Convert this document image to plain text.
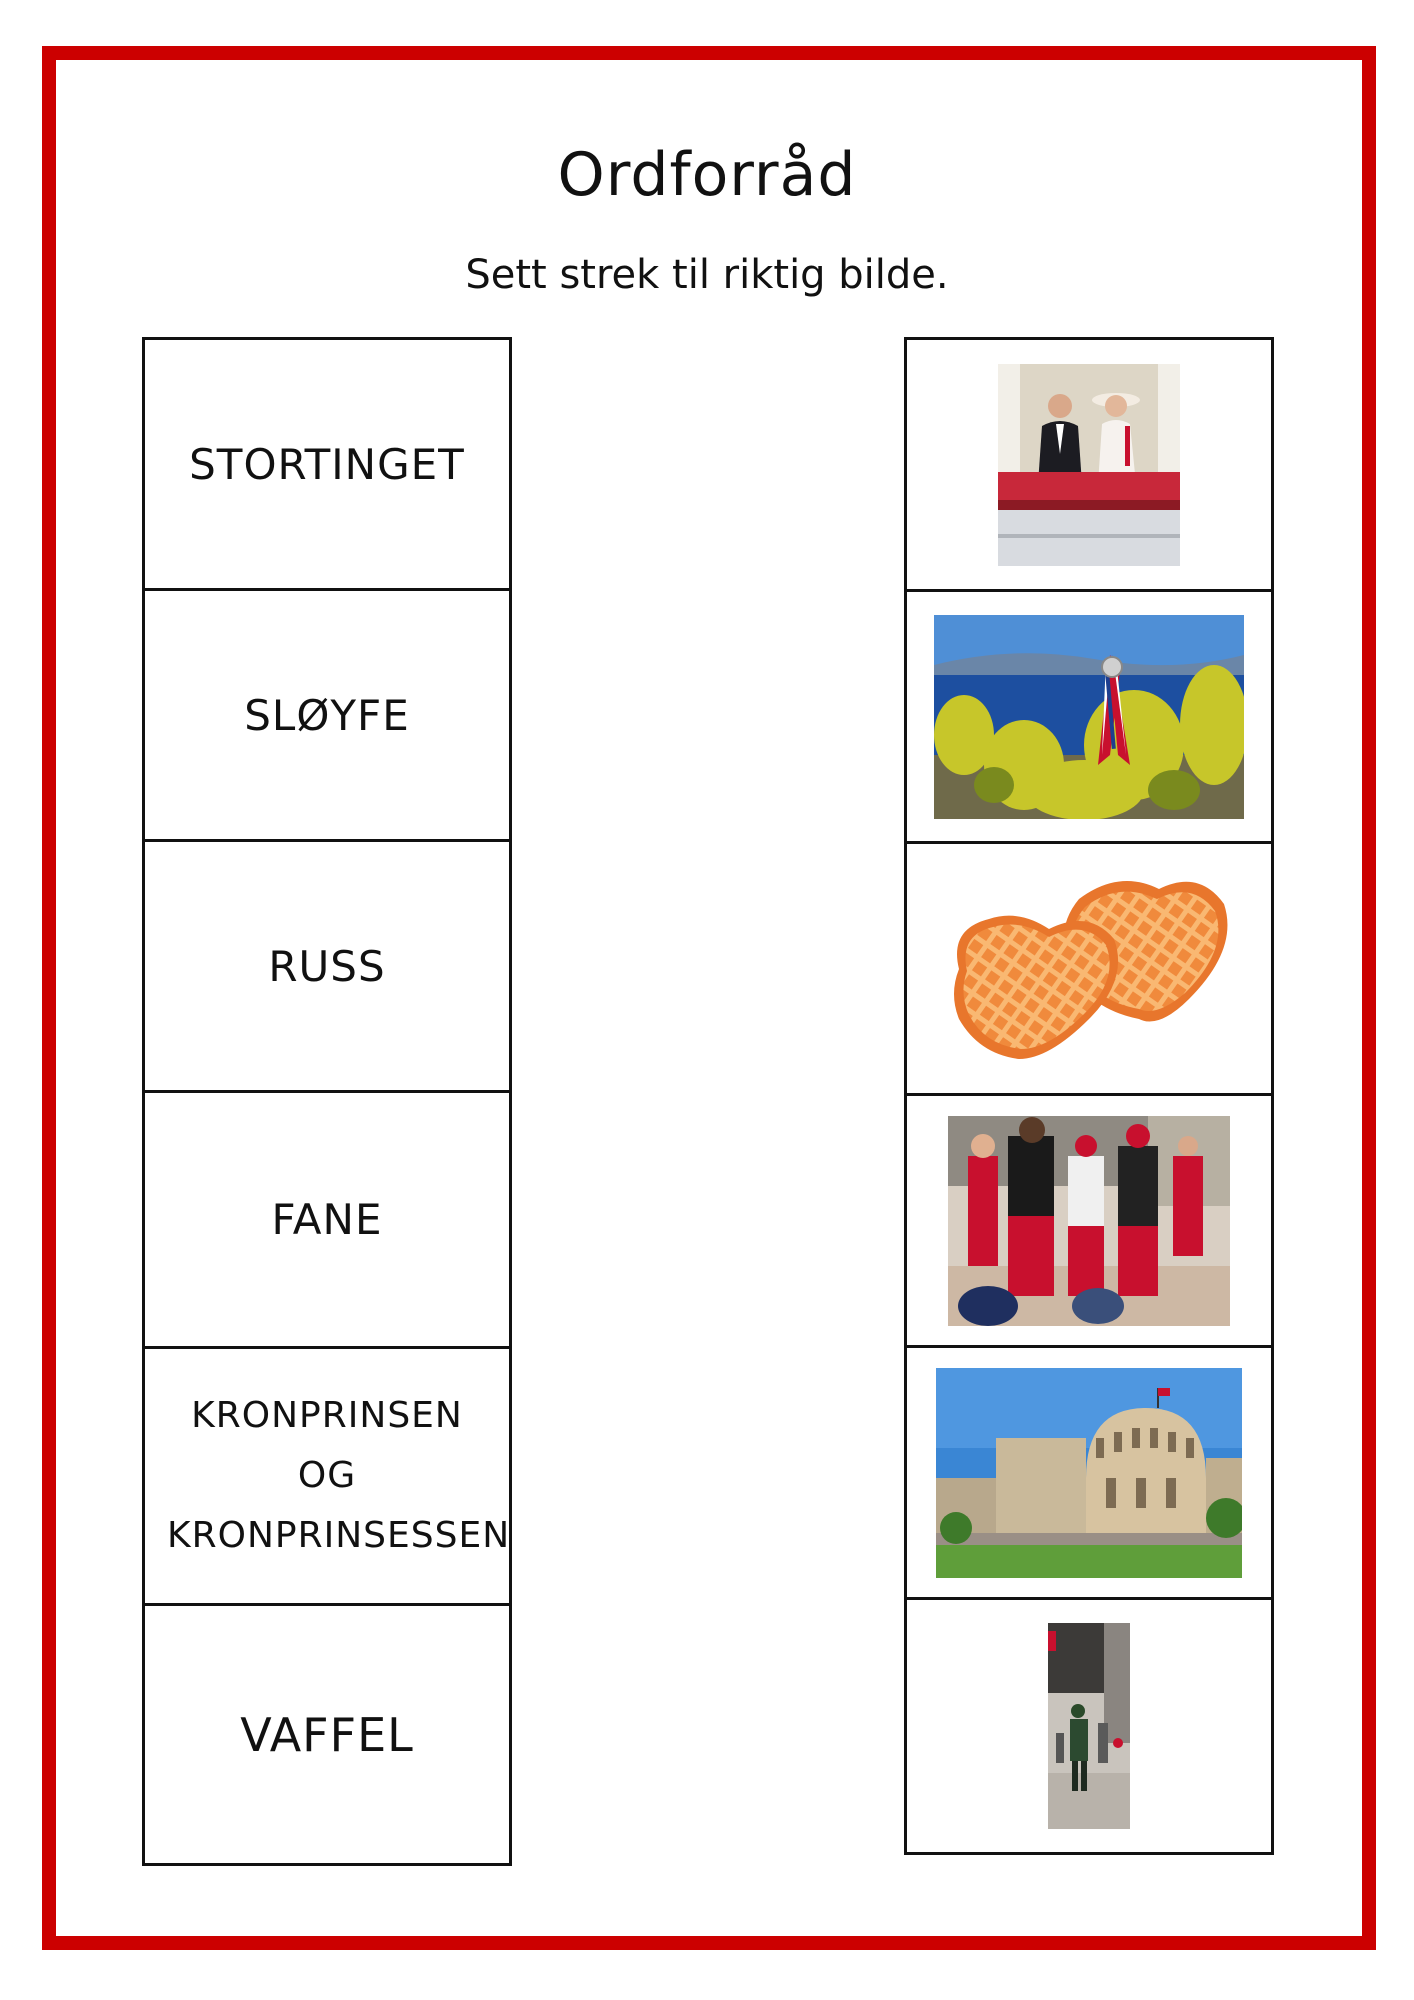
Ordforråd
Sett strek til riktig bilde.
STORTINGET
SLØYFE
RUSS
FANE
KRONPRINSEN OG KRONPRINSESSEN
VAFFEL
